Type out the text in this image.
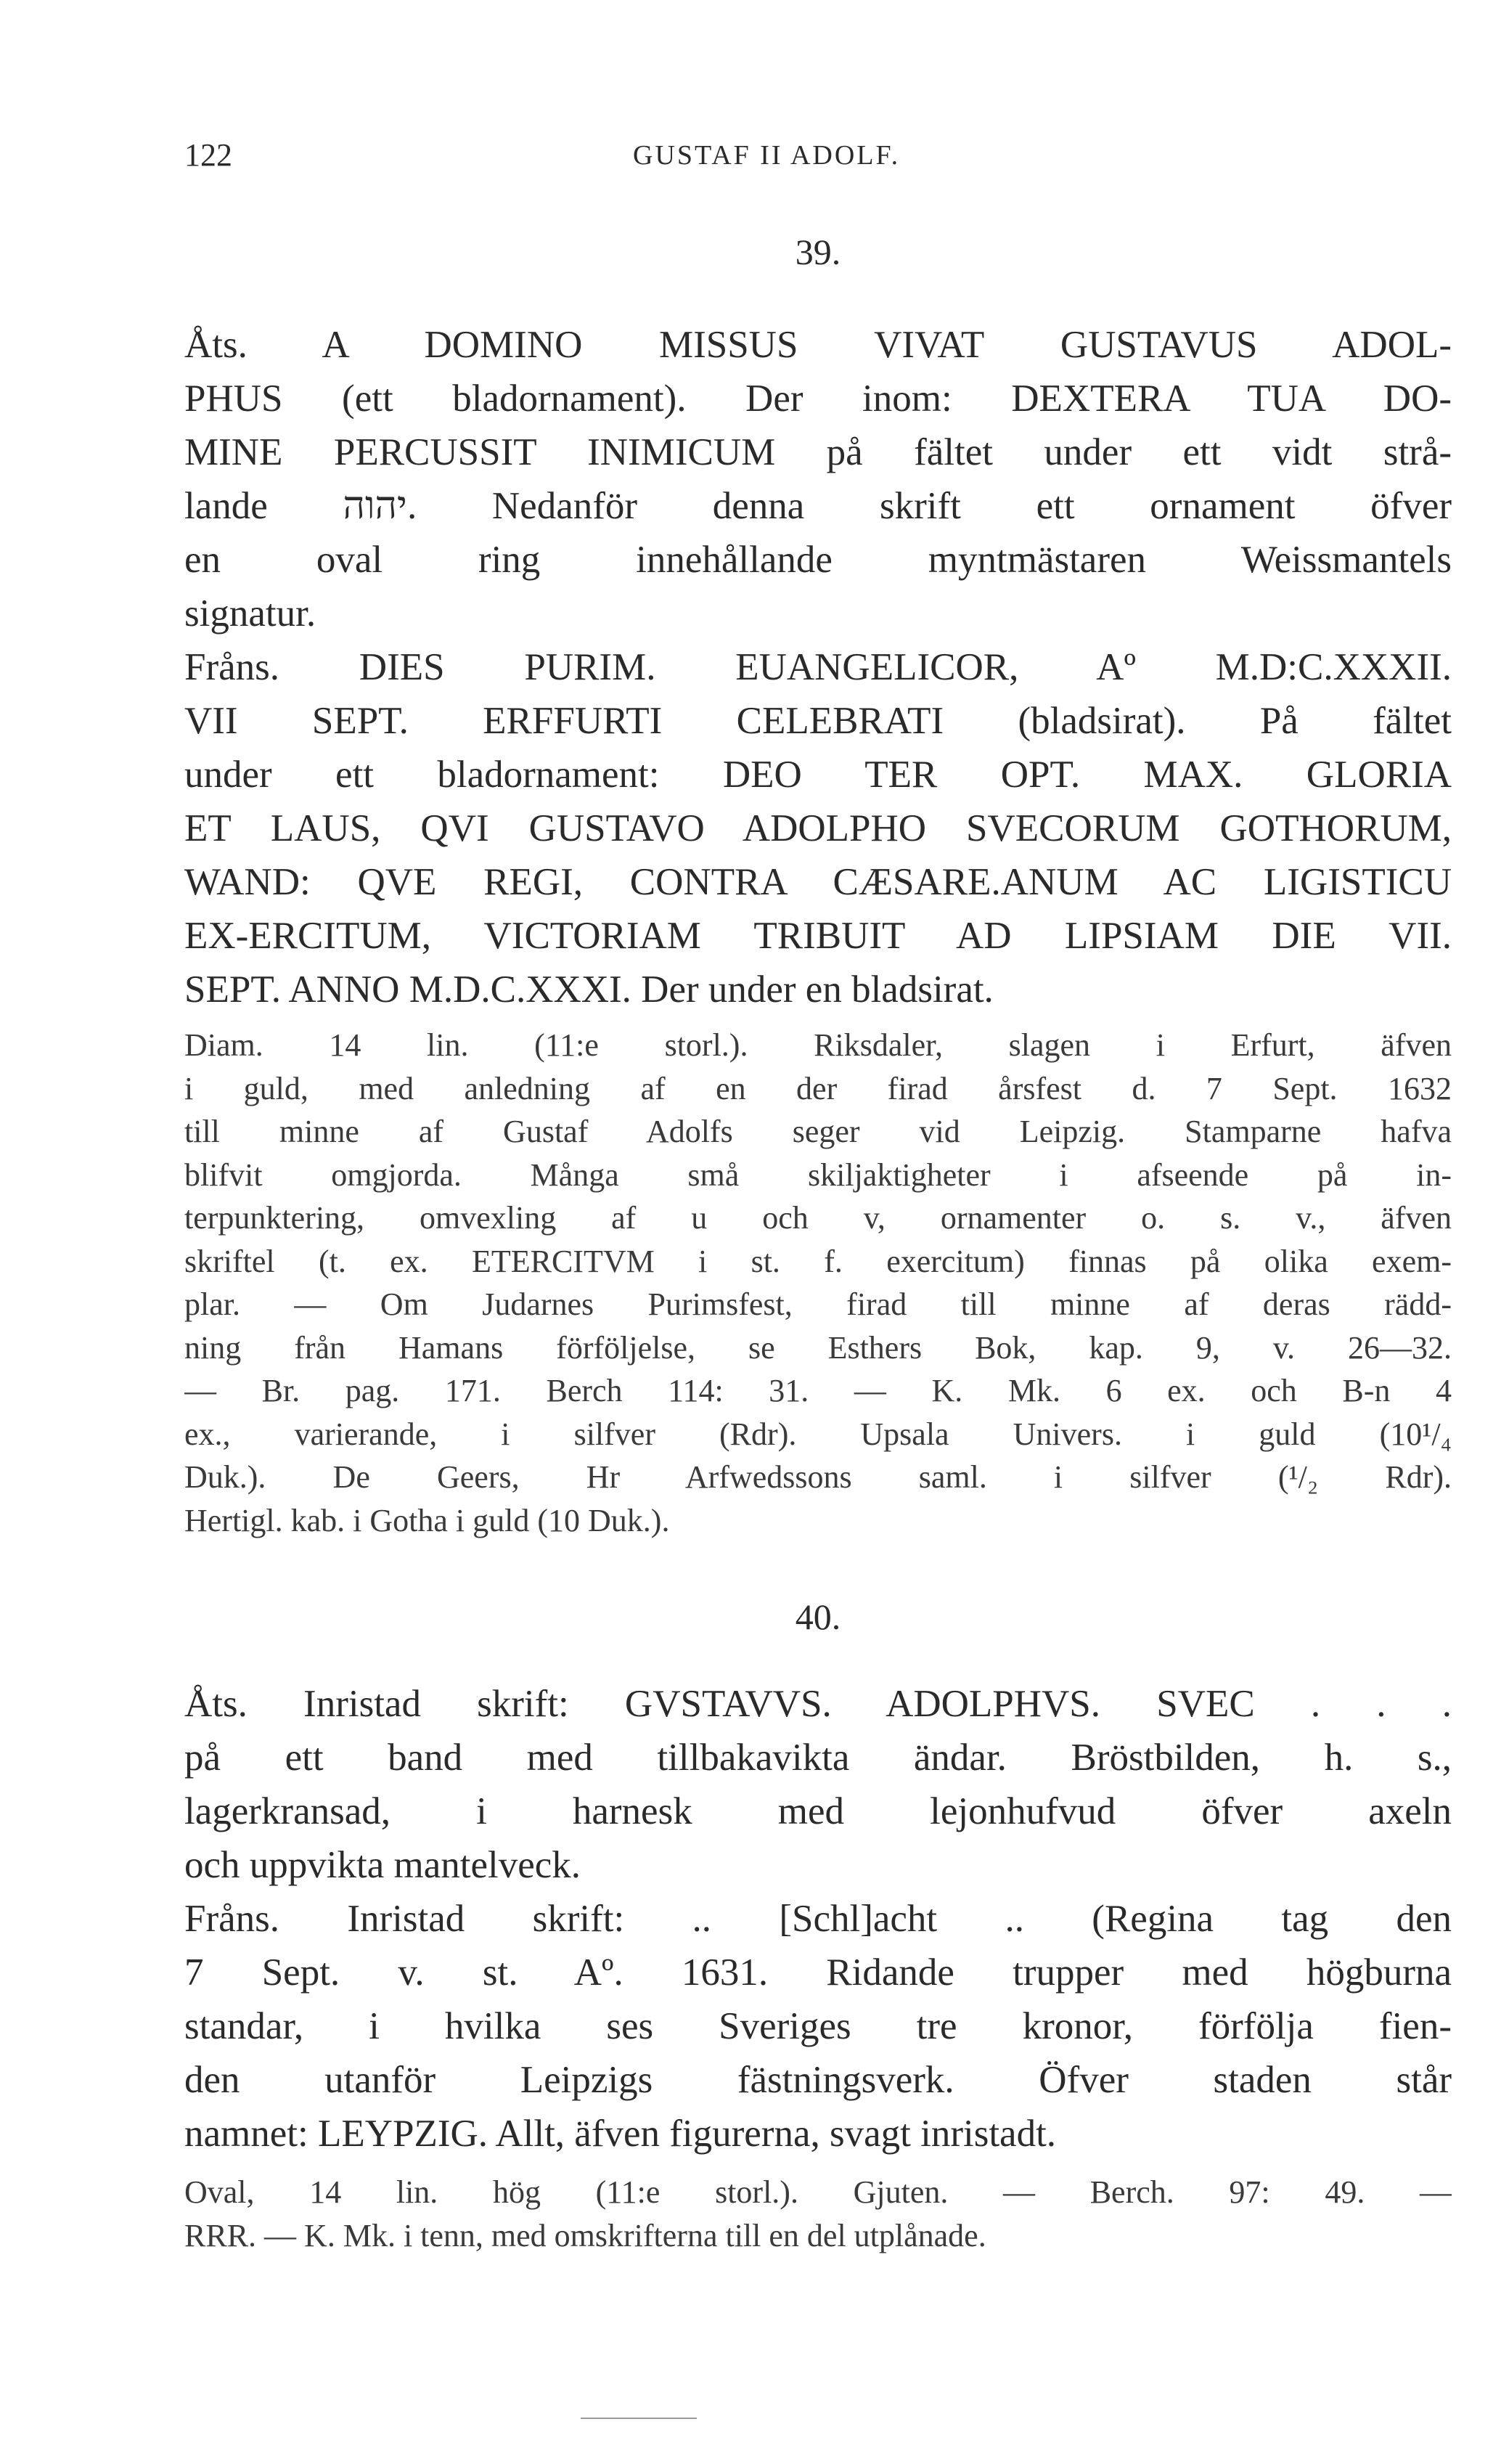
122	GUSTAF II ADOLF.
39.
Åts. A DOMINO MISSUS VIVAT GUSTAVUS ADOL-
PHUS (ett bladornament). Der inom: DEXTERA TUA DO-
MINE PERCUSSIT INIMICUM på fältet under ett vidt strå-
lande יהוה. Nedanför denna skrift ett ornament öfver
en oval ring innehållande myntmästaren Weissmantels
signatur.
Fråns. DIES PURIM. EUANGELICOR, Aº M.D:C.XXXII.
VII SEPT. ERFFURTI CELEBRATI (bladsirat). På fältet
under ett bladornament: DEO TER OPT. MAX. GLORIA
ET LAUS, QVI GUSTAVO ADOLPHO SVECORUM GOTHORUM,
WAND: QVE REGI, CONTRA CÆSARE.ANUM AC LIGISTICU
EX-ERCITUM, VICTORIAM TRIBUIT AD LIPSIAM DIE VII.
SEPT. ANNO M.D.C.XXXI. Der under en bladsirat.
Diam. 14 lin. (11:e storl.). Riksdaler, slagen i Erfurt, äfven
i guld, med anledning af en der firad årsfest d. 7 Sept. 1632
till minne af Gustaf Adolfs seger vid Leipzig. Stamparne hafva
blifvit omgjorda. Många små skiljaktigheter i afseende på in-
terpunktering, omvexling af u och v, ornamenter o. s. v., äfven
skriftel (t. ex. ETERCITVM i st. f. exercitum) finnas på olika exem-
plar. — Om Judarnes Purimsfest, firad till minne af deras rädd-
ning från Hamans förföljelse, se Esthers Bok, kap. 9, v. 26—32.
— Br. pag. 171. Berch 114: 31. — K. Mk. 6 ex. och B-n 4
ex., varierande, i silfver (Rdr). Upsala Univers. i guld (10¹/₄
Duk.). De Geers, Hr Arfwedssons saml. i silfver (¹/₂ Rdr).
Hertigl. kab. i Gotha i guld (10 Duk.).
40.
Åts. Inristad skrift: GVSTAVVS. ADOLPHVS. SVEC . . .
på ett band med tillbakavikta ändar. Bröstbilden, h. s.,
lagerkransad, i harnesk med lejonhufvud öfver axeln
och uppvikta mantelveck.
Fråns. Inristad skrift: .. [Schl]acht .. (Regina tag den
7 Sept. v. st. Aº. 1631. Ridande trupper med högburna
standar, i hvilka ses Sveriges tre kronor, förfölja fien-
den utanför Leipzigs fästningsverk. Öfver staden står
namnet: LEYPZIG. Allt, äfven figurerna, svagt inristadt.
Oval, 14 lin. hög (11:e storl.). Gjuten. — Berch. 97: 49. —
RRR. — K. Mk. i tenn, med omskrifterna till en del utplånade.
